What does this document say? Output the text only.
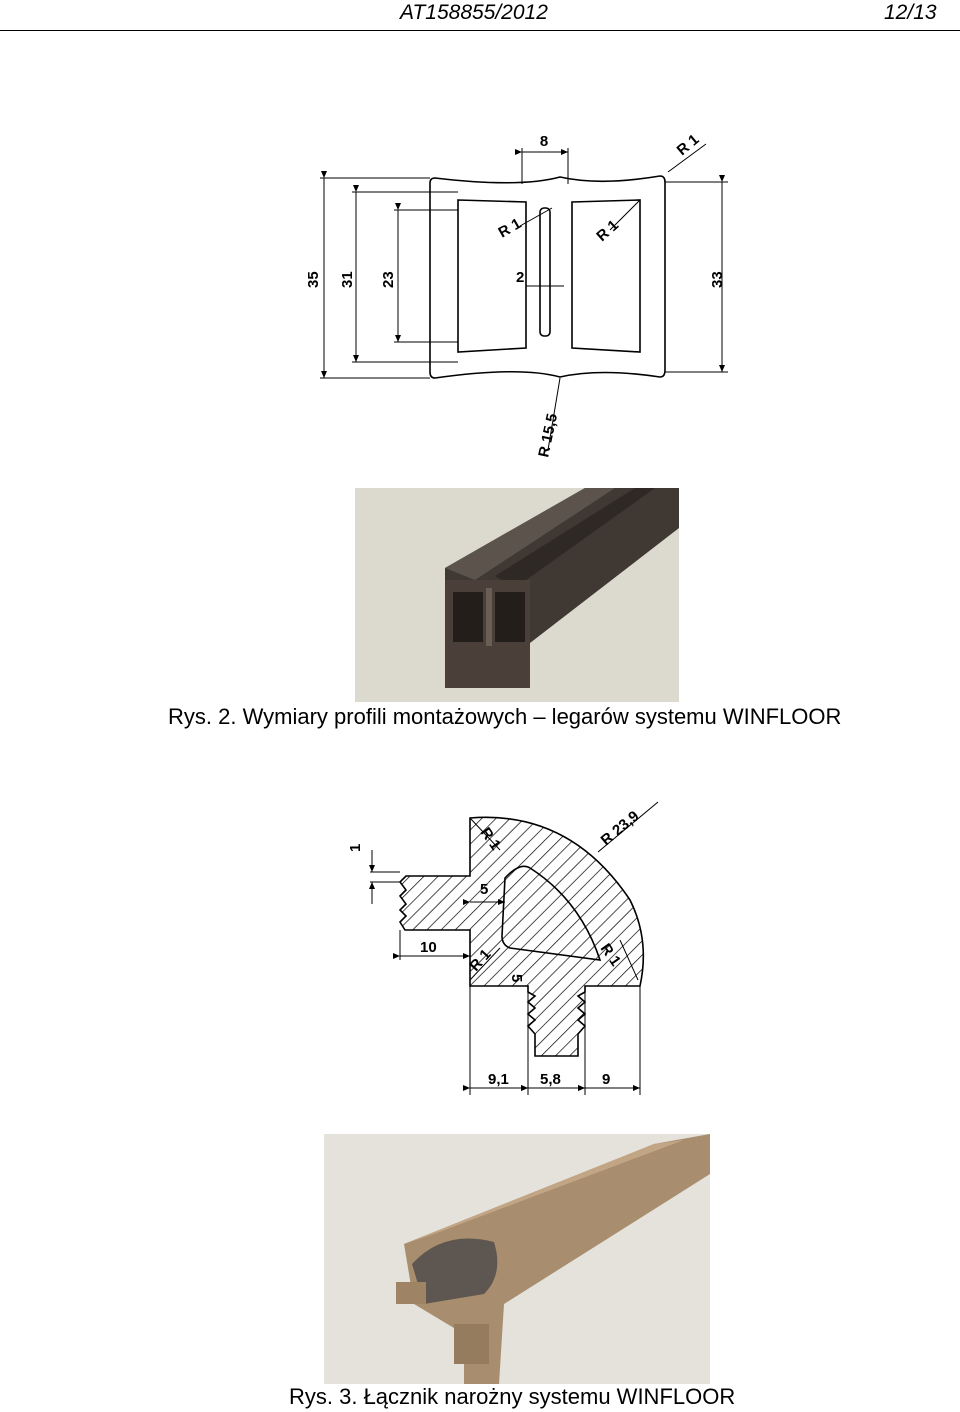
AT158855/2012	12/13
8	R 1
R 1	R 1
2
35 31 23	33
R 15,5
Rys. 2. Wymiary profili montażowych – legarów systemu WINFLOOR
1	R 1	R 23,9
5
10 R 1
5
R 1
9,1 5,8	9
Rys. 3. Łącznik narożny systemu WINFLOOR
